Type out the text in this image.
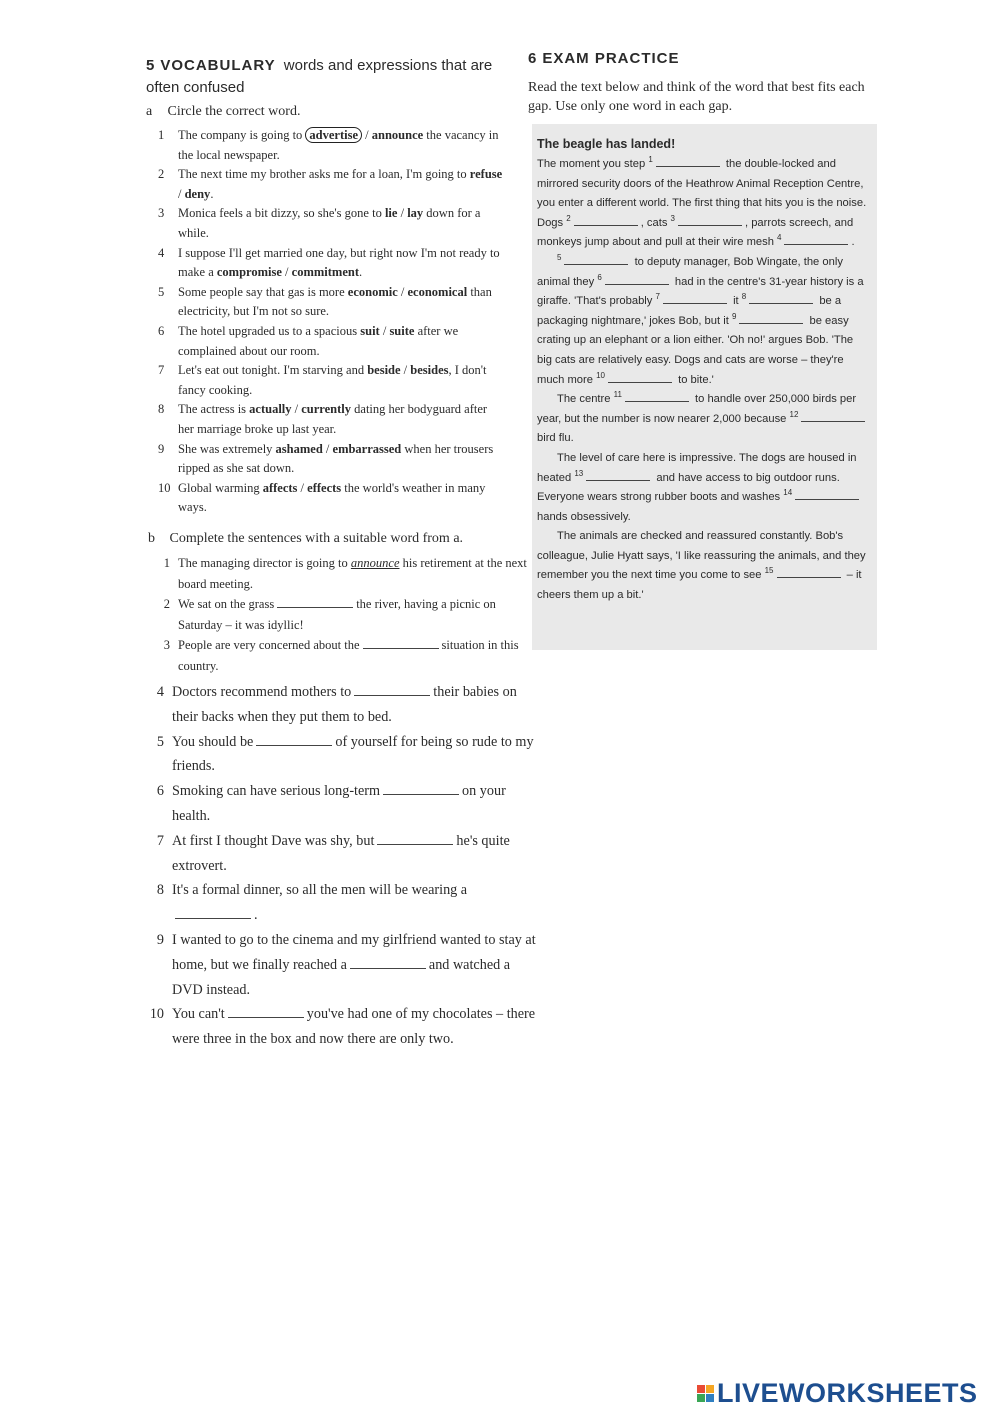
5 VOCABULARY words and expressions that are often confused
a Circle the correct word.
1	The company is going to advertise / announce the vacancy in the local newspaper.
2	The next time my brother asks me for a loan, I'm going to refuse / deny.
3	Monica feels a bit dizzy, so she's gone to lie / lay down for a while.
4	I suppose I'll get married one day, but right now I'm not ready to make a compromise / commitment.
5	Some people say that gas is more economic / economical than electricity, but I'm not so sure.
6	The hotel upgraded us to a spacious suit / suite after we complained about our room.
7	Let's eat out tonight. I'm starving and beside / besides, I don't fancy cooking.
8	The actress is actually / currently dating her bodyguard after her marriage broke up last year.
9	She was extremely ashamed / embarrassed when her trousers ripped as she sat down.
10 Global warming affects / effects the world's weather in many ways.
b Complete the sentences with a suitable word from a.
1 The managing director is going to announce his retirement at the next board meeting.
2 We sat on the grass	the river, having a picnic on Saturday – it was idyllic!
3 People are very concerned about the	situation in this country.
4 Doctors recommend mothers to	their babies on their backs when they put them to bed.
5 You should be	of yourself for being so rude to my friends.
6 Smoking can have serious long-term	on your health.
7 At first I thought Dave was shy, but	he's quite extrovert.
8 It's a formal dinner, so all the men will be wearing a.
9 I wanted to go to the cinema and my girlfriend wanted to stay at home, but we finally reached a	and watched a DVD instead.
10 You can't	you've had one of my chocolates – there were three in the box and now there are only two.
6 EXAM PRACTICE
Read the text below and think of the word that best fits each gap. Use only one word in each gap.
The beagle has landed!

The moment you step $^1$	the double-locked and mirrored security doors of the Heathrow Animal Reception Centre, you enter a different world. The first thing that hits you is the noise. Dogs $^2$	, cats $^3$	, parrots screech, and monkeys jump about and pull at their wire mesh $^4$	.

$^5$	to deputy manager, Bob Wingate, the only animal they $^6$	had in the centre's 31-year history is a giraffe. 'That's probably $^7$	it $^8$	be a packaging nightmare,' jokes Bob, but it $^9$	be easy crating up an elephant or a lion either. 'Oh no!' argues Bob. 'The big cats are relatively easy. Dogs and cats are worse – they're much more $^{10}$	to bite.'

The centre $^{11}$	to handle over 250,000 birds per year, but the number is now nearer 2,000 because $^{12}$ bird flu.

The level of care here is impressive. The dogs are housed in heated $^{13}$	and have access to big outdoor runs. Everyone wears strong rubber boots and washes $^{14}$ hands obsessively.

The animals are checked and reassured constantly. Bob's colleague, Julie Hyatt says, 'I like reassuring the animals, and they remember you the next time you come to see $^{15}$	– it cheers them up a bit.'

LIVEWORKSHEETS
